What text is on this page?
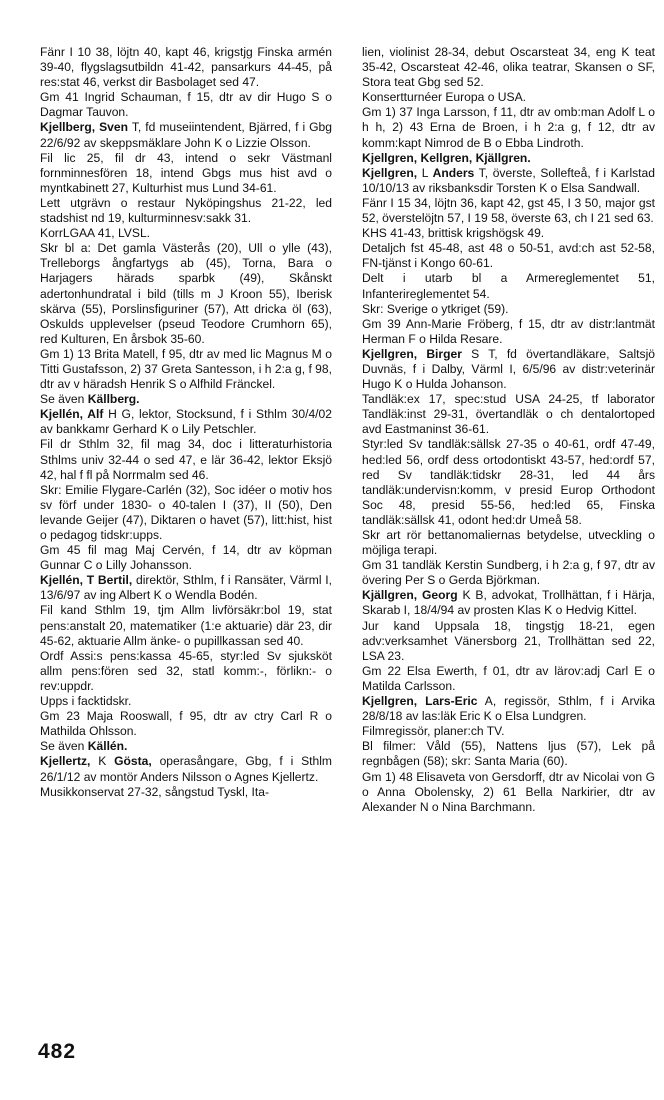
Fänr I 10 38, löjtn 40, kapt 46, krigstjg Finska armén 39-40, flygslagsutbildn 41-42, pansarkurs 44-45, på res:stat 46, verkst dir Basbolaget sed 47.

Gm 41 Ingrid Schauman, f 15, dtr av dir Hugo S o Dagmar Tauvon.

Kjellberg, Sven T, fd museiintendent, Bjärred, f i Gbg 22/6/92 av skeppsmäklare John K o Lizzie Olsson.

Fil lic 25, fil dr 43, intend o sekr Västmanl fornminnesfören 18, intend Gbgs mus hist avd o myntkabinett 27, Kulturhist mus Lund 34-61.

Lett utgrävn o restaur Nyköpingshus 21-22, led stadshist nd 19, kulturminnesv:sakk 31.

KorrLGAA 41, LVSL.

Skr bl a: Det gamla Västerås (20), Ull o ylle (43), Trelleborgs ångfartygs ab (45), Torna, Bara o Harjagers härads sparbk (49), Skånskt adertonhundratal i bild (tills m J Kroon 55), Iberisk skärva (55), Porslinsfiguriner (57), Att dricka öl (63), Oskulds upplevelser (pseud Teodore Crumhorn 65), red Kulturen, En årsbok 35-60.

Gm 1) 13 Brita Matell, f 95, dtr av med lic Magnus M o Titti Gustafsson, 2) 37 Greta Santesson, i h 2:a g, f 98, dtr av v häradsh Henrik S o Alfhild Fränckel.

Se även Källberg.

Kjellén, Alf H G, lektor, Stocksund, f i Sthlm 30/4/02 av bankkamr Gerhard K o Lily Petschler.

Fil dr Sthlm 32, fil mag 34, doc i litteraturhistoria Sthlms univ 32-44 o sed 47, e lär 36-42, lektor Eksjö 42, hal f fl på Norrmalm sed 46.

Skr: Emilie Flygare-Carlén (32), Soc idéer o motiv hos sv förf under 1830- o 40-talen I (37), II (50), Den levande Geijer (47), Diktaren o havet (57), litt:hist, hist o pedagog tidskr:upps.

Gm 45 fil mag Maj Cervén, f 14, dtr av köpman Gunnar C o Lilly Johansson.

Kjellén, T Bertil, direktör, Sthlm, f i Ransäter, Värml I, 13/6/97 av ing Albert K o Wendla Bodén.

Fil kand Sthlm 19, tjm Allm livförsäkr:bol 19, stat pens:anstalt 20, matematiker (1:e aktuarie) där 23, dir 45-62, aktuarie Allm änke- o pupillkassan sed 40.

Ordf Assi:s pens:kassa 45-65, styr:led Sv sjuksköt allm pens:fören sed 32, statl komm:-, förlikn:- o rev:uppdr.

Upps i facktidskr.

Gm 23 Maja Rooswall, f 95, dtr av ctry Carl R o Mathilda Ohlsson.

Se även Källén.

Kjellertz, K Gösta, operasångare, Gbg, f i Sthlm 26/1/12 av montör Anders Nilsson o Agnes Kjellertz.

Musikkonservat 27-32, sångstud Tyskl, Ita-

lien, violinist 28-34, debut Oscarsteat 34, eng K teat 35-42, Oscarsteat 42-46, olika teatrar, Skansen o SF, Stora teat Gbg sed 52.

Konsertturnéer Europa o USA.

Gm 1) 37 Inga Larsson, f 11, dtr av omb:man Adolf L o h h, 2) 43 Erna de Broen, i h 2:a g, f 12, dtr av komm:kapt Nimrod de B o Ebba Lindroth.

Kjellgren, Kellgren, Kjällgren.

Kjellgren, L Anders T, överste, Sollefteå, f i Karlstad 10/10/13 av riksbanksdir Torsten K o Elsa Sandwall.

Fänr I 15 34, löjtn 36, kapt 42, gst 45, I 3 50, major gst 52, överstelöjtn 57, I 19 58, överste 63, ch I 21 sed 63.

KHS 41-43, brittisk krigshögsk 49.

Detaljch fst 45-48, ast 48 o 50-51, avd:ch ast 52-58, FN-tjänst i Kongo 60-61.

Delt i utarb bl a Armereglementet 51, Infanterireglementet 54.

Skr: Sverige o ytkriget (59).

Gm 39 Ann-Marie Fröberg, f 15, dtr av distr:lantmät Herman F o Hilda Resare.

Kjellgren, Birger S T, fd övertandläkare, Saltsjö Duvnäs, f i Dalby, Värml I, 6/5/96 av distr:veterinär Hugo K o Hulda Johanson.

Tandläk:ex 17, spec:stud USA 24-25, tf laborator Tandläk:inst 29-31, övertandläk o ch dentalortoped avd Eastmaninst 36-61.

Styr:led Sv tandläk:sällsk 27-35 o 40-61, ordf 47-49, hed:led 56, ordf dess ortodontiskt 43-57, hed:ordf 57, red Sv tandläk:tidskr 28-31, led 44 års tandläk:undervisn:komm, v presid Europ Orthodont Soc 48, presid 55-56, hed:led 65, Finska tandläk:sällsk 41, odont hed:dr Umeå 58.

Skr art rör bettanomaliernas betydelse, utveckling o möjliga terapi.

Gm 31 tandläk Kerstin Sundberg, i h 2:a g, f 97, dtr av övering Per S o Gerda Björkman.

Kjällgren, Georg K B, advokat, Trollhättan, f i Härja, Skarab I, 18/4/94 av prosten Klas K o Hedvig Kittel.

Jur kand Uppsala 18, tingstjg 18-21, egen adv:verksamhet Vänersborg 21, Trollhättan sed 22, LSA 23.

Gm 22 Elsa Ewerth, f 01, dtr av lärov:adj Carl E o Matilda Carlsson.

Kjellgren, Lars-Eric A, regissör, Sthlm, f i Arvika 28/8/18 av las:läk Eric K o Elsa Lundgren.

Filmregissör, planer:ch TV.

Bl filmer: Våld (55), Nattens ljus (57), Lek på regnbågen (58); skr: Santa Maria (60).

Gm 1) 48 Elisaveta von Gersdorff, dtr av Nicolai von G o Anna Obolensky, 2) 61 Bella Narkirier, dtr av Alexander N o Nina Barchmann.

482
